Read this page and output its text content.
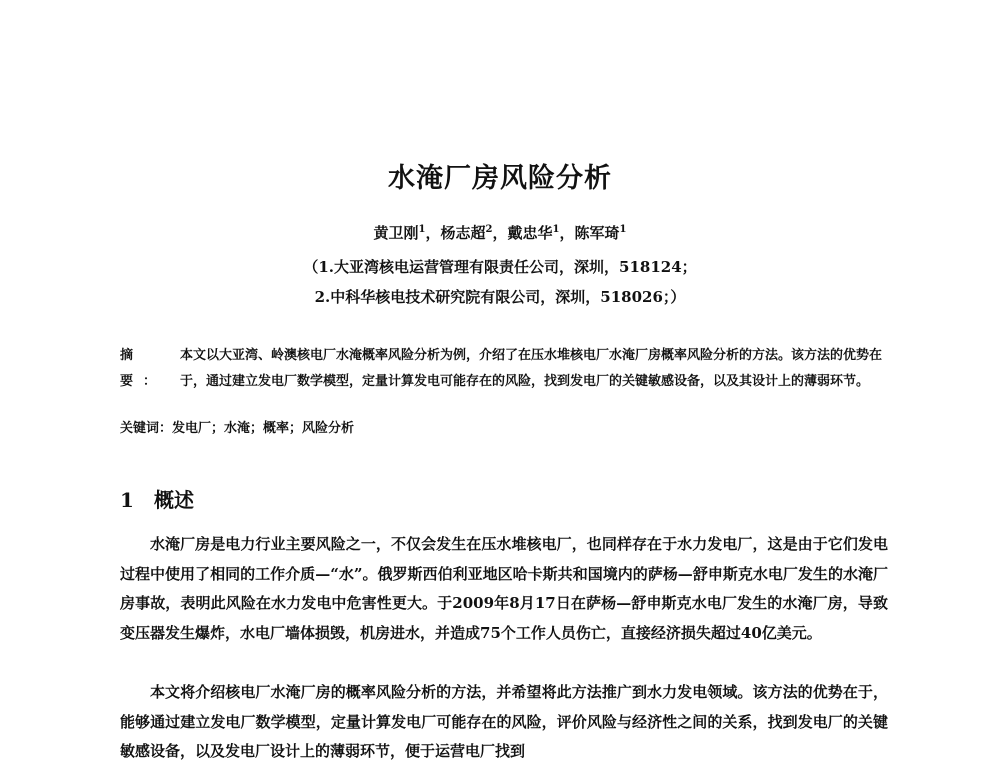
水淹厂房风险分析
黄卫刚$^1$，杨志超$^2$，戴忠华$^1$，陈军琦$^1$
（1.大亚湾核电运营管理有限责任公司，深圳，518124；
2.中科华核电技术研究院有限公司，深圳，518026；）
摘要：
本文以大亚湾、岭澳核电厂水淹概率风险分析为例，介绍了在压水堆核电厂水淹厂房概率风险分析的方法。该方法的优势在于，通过建立发电厂数学模型，定量计算发电可能存在的风险，找到发电厂的关键敏感设备，以及其设计上的薄弱环节。
关键词：发电厂；水淹；概率；风险分析
1 概述
水淹厂房是电力行业主要风险之一，不仅会发生在压水堆核电厂，也同样存在于水力发电厂，这是由于它们发电过程中使用了相同的工作介质—“水”。俄罗斯西伯利亚地区哈卡斯共和国境内的萨杨—舒申斯克水电厂发生的水淹厂房事故，表明此风险在水力发电中危害性更大。于2009年8月17日在萨杨—舒申斯克水电厂发生的水淹厂房，导致变压器发生爆炸，水电厂墙体损毁，机房进水，并造成75个工作人员伤亡，直接经济损失超过40亿美元。
本文将介绍核电厂水淹厂房的概率风险分析的方法，并希望将此方法推广到水力发电领域。该方法的优势在于，能够通过建立发电厂数学模型，定量计算发电厂可能存在的风险，评价风险与经济性之间的关系，找到发电厂的关键敏感设备，以及发电厂设计上的薄弱环节，便于运营电厂找到
